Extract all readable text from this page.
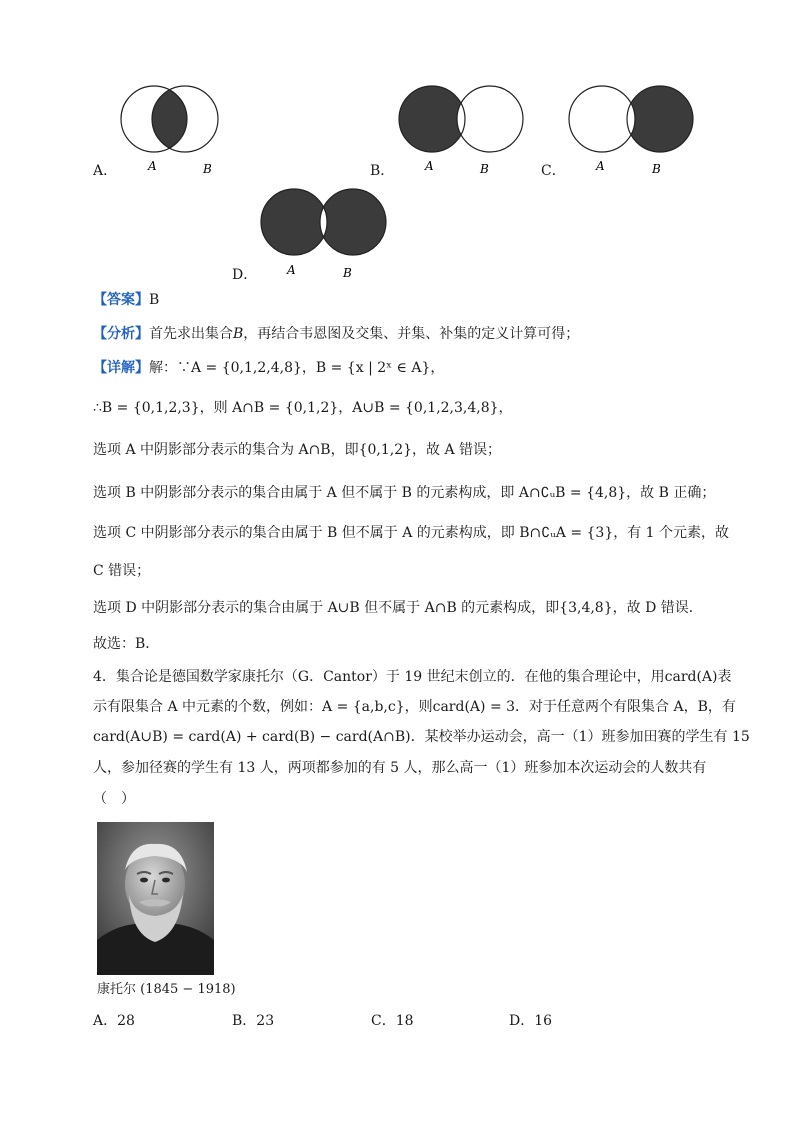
A	B
A．	A	B
B．	A	B
C．
A	B
D．
【答案】B
【分析】首先求出集合B，再结合韦恩图及交集、并集、补集的定义计算可得；
【详解】解：∵A = {0,1,2,4,8}，B = {x | 2ˣ ∈ A}，
∴B = {0,1,2,3}，则 A∩B = {0,1,2}，A∪B = {0,1,2,3,4,8}，
选项 A 中阴影部分表示的集合为 A∩B，即{0,1,2}，故 A 错误；
选项 B 中阴影部分表示的集合由属于 A 但不属于 B 的元素构成，即 A∩∁ᵤB = {4,8}，故 B 正确；
选项 C 中阴影部分表示的集合由属于 B 但不属于 A 的元素构成，即 B∩∁ᵤA = {3}，有 1 个元素，故
C 错误；
选项 D 中阴影部分表示的集合由属于 A∪B 但不属于 A∩B 的元素构成，即{3,4,8}，故 D 错误．
故选：B．
4．集合论是德国数学家康托尔（G．Cantor）于 19 世纪末创立的．在他的集合理论中，用card(A)表
示有限集合 A 中元素的个数，例如：A = {a,b,c}，则card(A) = 3．对于任意两个有限集合 A，B，有
card(A∪B) = card(A) + card(B) − card(A∩B)．某校举办运动会，高一（1）班参加田赛的学生有 15
人，参加径赛的学生有 13 人，两项都参加的有 5 人，那么高一（1）班参加本次运动会的人数共有
（　）
康托尔 (1845 − 1918)
A．28	B．23	C．18	D．16
